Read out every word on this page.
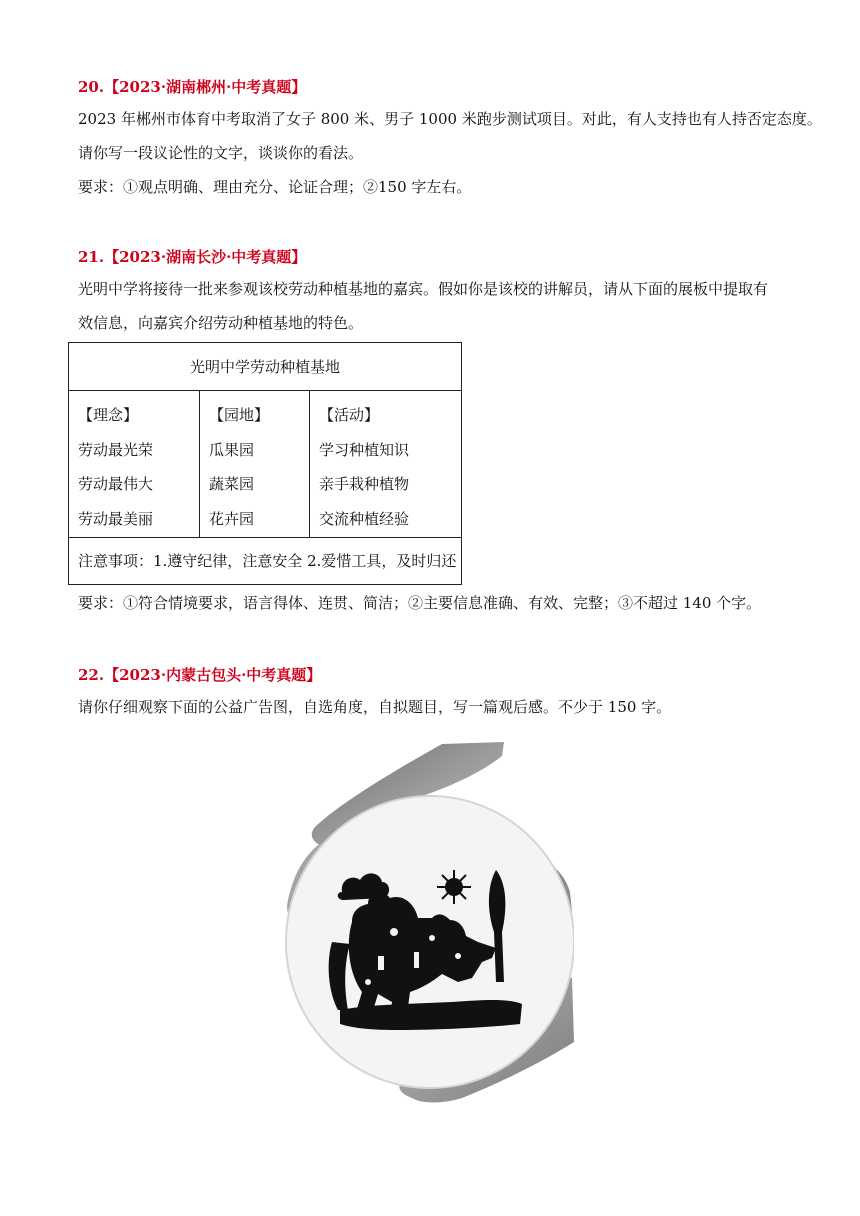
20.【2023·湖南郴州·中考真题】
2023 年郴州市体育中考取消了女子 800 米、男子 1000 米跑步测试项目。对此，有人支持也有人持否定态度。
请你写一段议论性的文字，谈谈你的看法。
要求：①观点明确、理由充分、论证合理；②150 字左右。
21.【2023·湖南长沙·中考真题】
光明中学将接待一批来参观该校劳动种植基地的嘉宾。假如你是该校的讲解员，请从下面的展板中提取有
效信息，向嘉宾介绍劳动种植基地的特色。
光明中学劳动种植基地
【理念】
劳动最光荣
劳动最伟大
劳动最美丽
【园地】
瓜果园
蔬菜园
花卉园
【活动】
学习种植知识
亲手栽种植物
交流种植经验
注意事项：1.遵守纪律，注意安全 2.爱惜工具，及时归还
要求：①符合情境要求，语言得体、连贯、简洁；②主要信息准确、有效、完整；③不超过 140 个字。
22.【2023·内蒙古包头·中考真题】
请你仔细观察下面的公益广告图，自选角度，自拟题目，写一篇观后感。不少于 150 字。
